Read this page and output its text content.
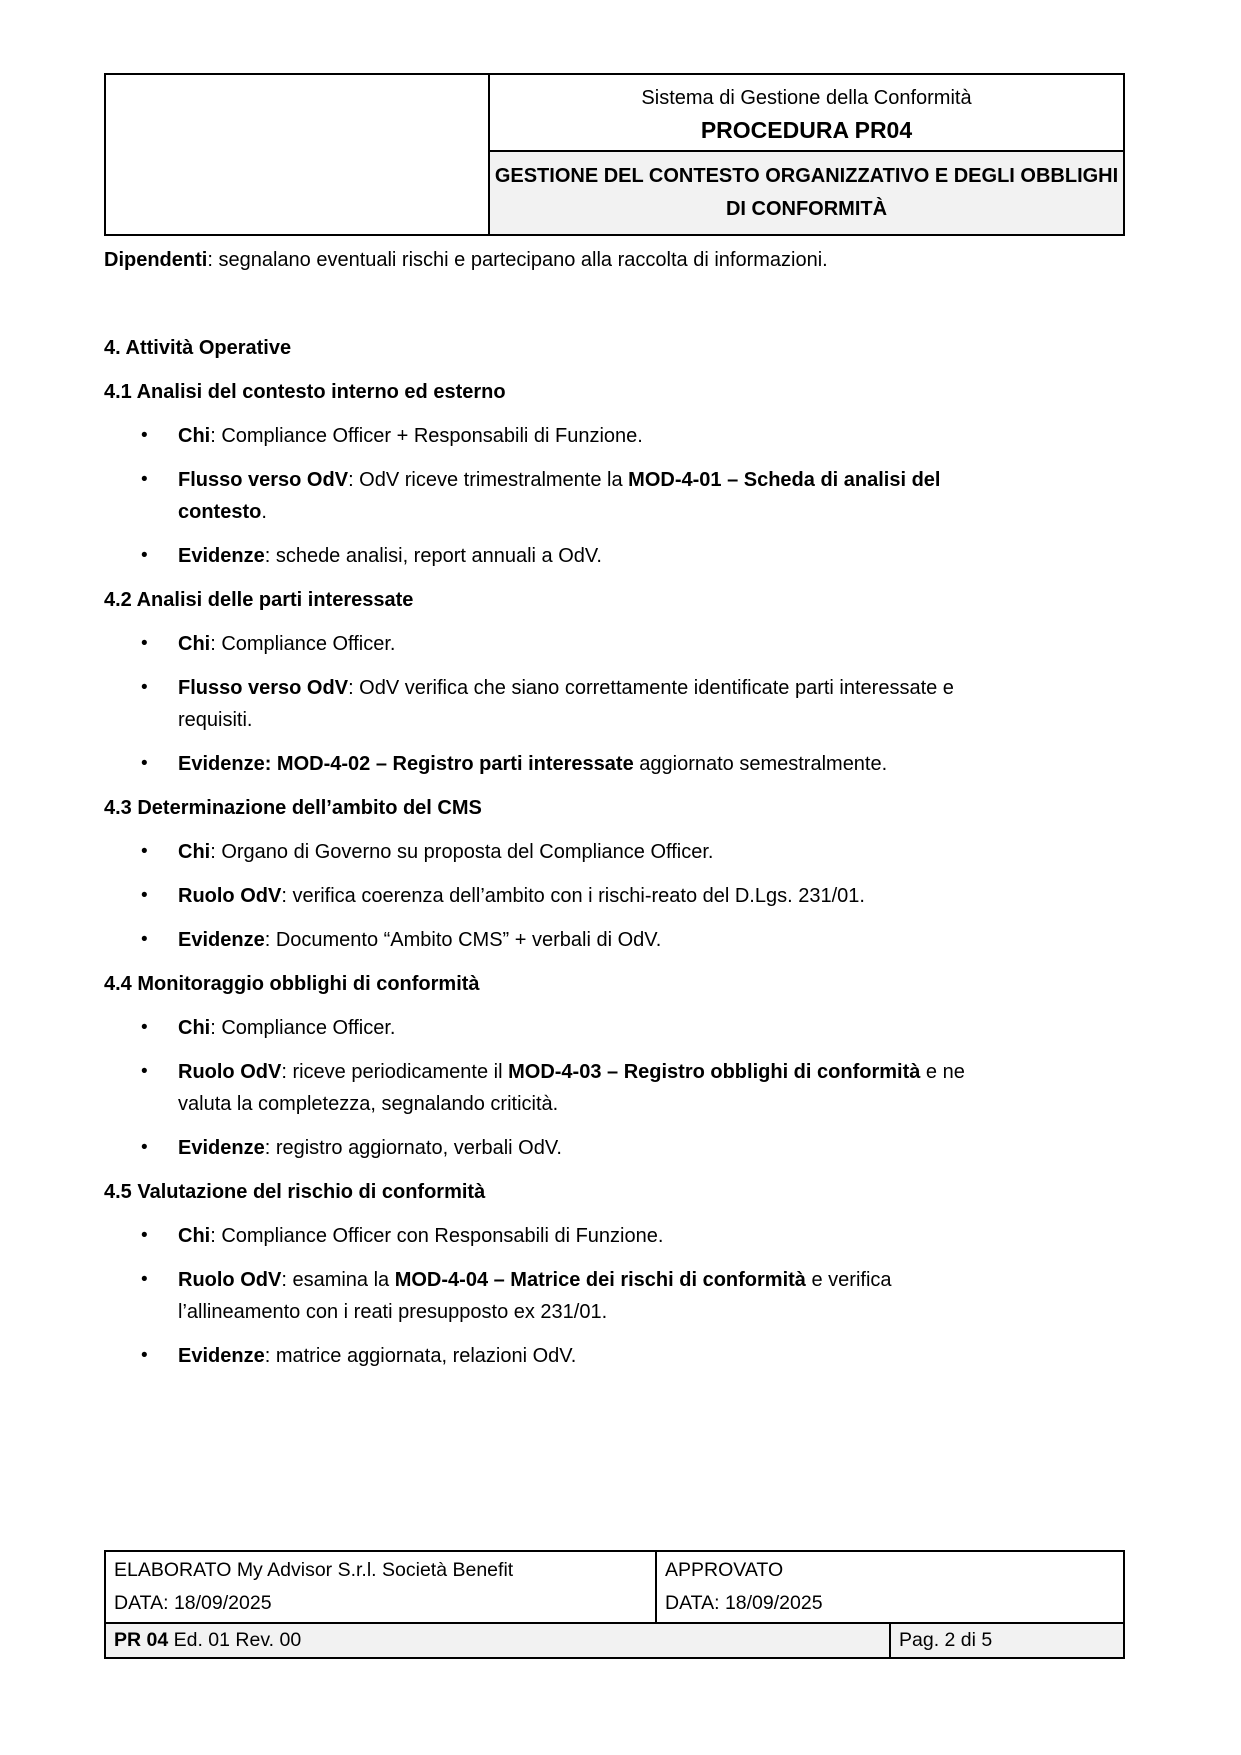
Sistema di Gestione della Conformità
PROCEDURA PR04

GESTIONE DEL CONTESTO ORGANIZZATIVO E DEGLI OBBLIGHI DI CONFORMITÀ

Dipendenti: segnalano eventuali rischi e partecipano alla raccolta di informazioni.

4. Attività Operative

4.1 Analisi del contesto interno ed esterno

• Chi: Compliance Officer + Responsabili di Funzione.

• Flusso verso OdV: OdV riceve trimestralmente la MOD-4-01 – Scheda di analisi del
contesto.

• Evidenze: schede analisi, report annuali a OdV.

4.2 Analisi delle parti interessate

• Chi: Compliance Officer.

• Flusso verso OdV: OdV verifica che siano correttamente identificate parti interessate e
requisiti.

• Evidenze: MOD-4-02 – Registro parti interessate aggiornato semestralmente.

4.3 Determinazione dell’ambito del CMS

• Chi: Organo di Governo su proposta del Compliance Officer.

• Ruolo OdV: verifica coerenza dell’ambito con i rischi-reato del D.Lgs. 231/01.

• Evidenze: Documento “Ambito CMS” + verbali di OdV.

4.4 Monitoraggio obblighi di conformità

• Chi: Compliance Officer.

• Ruolo OdV: riceve periodicamente il MOD-4-03 – Registro obblighi di conformità e ne
valuta la completezza, segnalando criticità.

• Evidenze: registro aggiornato, verbali OdV.

4.5 Valutazione del rischio di conformità

• Chi: Compliance Officer con Responsabili di Funzione.

• Ruolo OdV: esamina la MOD-4-04 – Matrice dei rischi di conformità e verifica
l’allineamento con i reati presupposto ex 231/01.

• Evidenze: matrice aggiornata, relazioni OdV.

ELABORATO My Advisor S.r.l. Società Benefit
DATA: 18/09/2025

APPROVATO
DATA: 18/09/2025

PR 04 Ed. 01 Rev. 00		Pag. 2 di 5
